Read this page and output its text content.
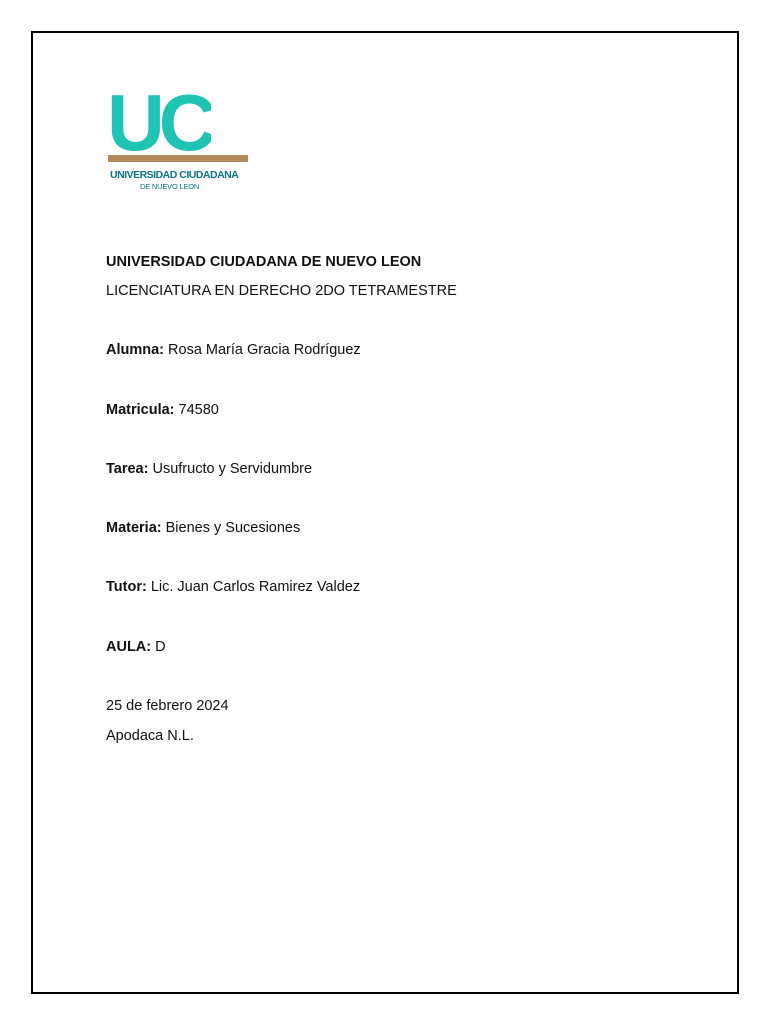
UC
UNIVERSIDAD CIUDADANA
DE NUEVO LEON
UNIVERSIDAD CIUDADANA DE NUEVO LEON
LICENCIATURA EN DERECHO 2DO TETRAMESTRE
Alumna: Rosa María Gracia Rodríguez
Matricula: 74580
Tarea: Usufructo y Servidumbre
Materia: Bienes y Sucesiones
Tutor: Lic. Juan Carlos Ramirez Valdez
AULA: D
25 de febrero 2024
Apodaca N.L.
